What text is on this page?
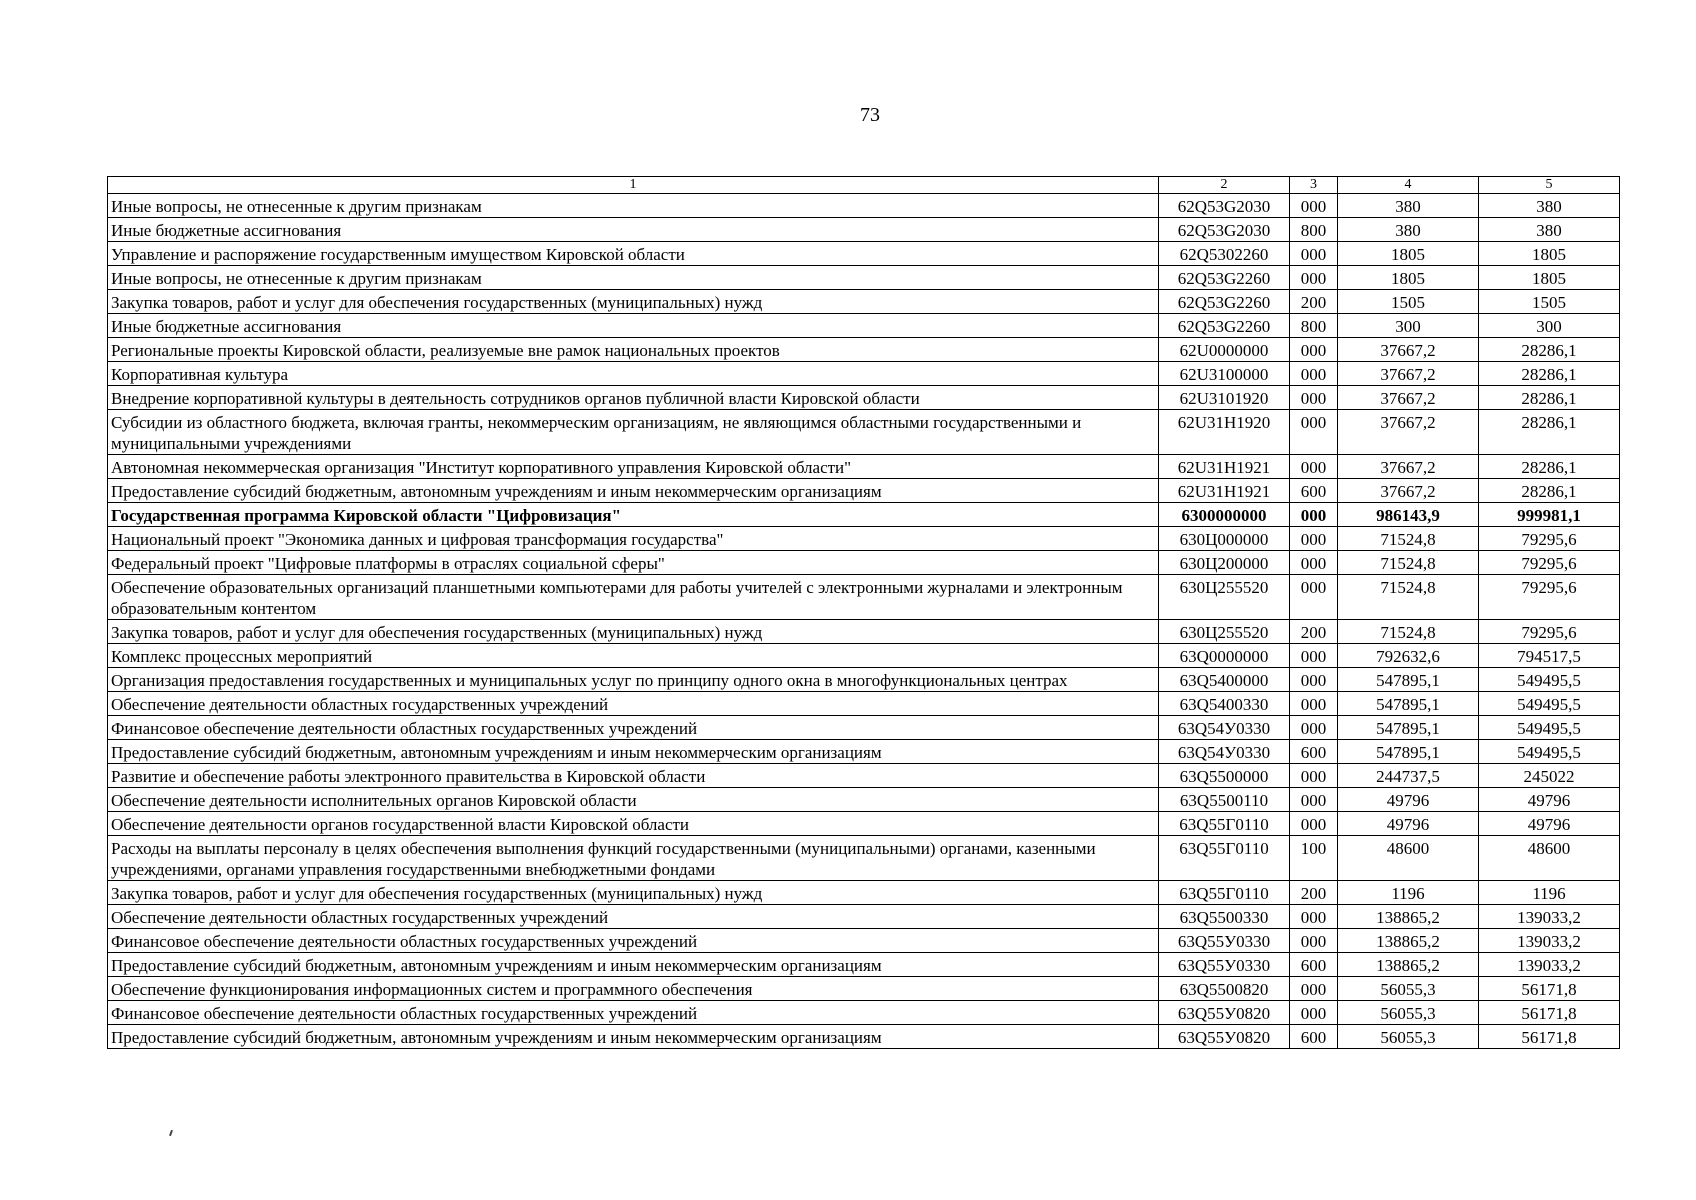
73
1	2	3	4	5
Иные вопросы, не отнесенные к другим признакам	62Q53G2030	000	380	380
Иные бюджетные ассигнования	62Q53G2030	800	380	380
Управление и распоряжение государственным имуществом Кировской области	62Q5302260	000	1805	1805
Иные вопросы, не отнесенные к другим признакам	62Q53G2260	000	1805	1805
Закупка товаров, работ и услуг для обеспечения государственных (муниципальных) нужд	62Q53G2260	200	1505	1505
Иные бюджетные ассигнования	62Q53G2260	800	300	300
Региональные проекты Кировской области, реализуемые вне рамок национальных проектов	62U0000000	000	37667,2	28286,1
Корпоративная культура	62U3100000	000	37667,2	28286,1
Внедрение корпоративной культуры в деятельность сотрудников органов публичной власти Кировской области	62U3101920	000	37667,2	28286,1
Субсидии из областного бюджета, включая гранты, некоммерческим организациям, не являющимся областными государственными и муниципальными учреждениями	62U31H1920	000	37667,2	28286,1
Автономная некоммерческая организация "Институт корпоративного управления Кировской области"	62U31H1921	000	37667,2	28286,1
Предоставление субсидий бюджетным, автономным учреждениям и иным некоммерческим организациям	62U31H1921	600	37667,2	28286,1
Государственная программа Кировской области "Цифровизация"	6300000000	000	986143,9	999981,1
Национальный проект "Экономика данных и цифровая трансформация государства"	630Ц000000	000	71524,8	79295,6
Федеральный проект "Цифровые платформы в отраслях социальной сферы"	630Ц200000	000	71524,8	79295,6
Обеспечение образовательных организаций планшетными компьютерами для работы учителей с электронными журналами и электронным образовательным контентом	630Ц255520	000	71524,8	79295,6
Закупка товаров, работ и услуг для обеспечения государственных (муниципальных) нужд	630Ц255520	200	71524,8	79295,6
Комплекс процессных мероприятий	63Q0000000	000	792632,6	794517,5
Организация предоставления государственных и муниципальных услуг по принципу одного окна в многофункциональных центрах	63Q5400000	000	547895,1	549495,5
Обеспечение деятельности областных государственных учреждений	63Q5400330	000	547895,1	549495,5
Финансовое обеспечение деятельности областных государственных учреждений	63Q54У0330	000	547895,1	549495,5
Предоставление субсидий бюджетным, автономным учреждениям и иным некоммерческим организациям	63Q54У0330	600	547895,1	549495,5
Развитие и обеспечение работы электронного правительства в Кировской области	63Q5500000	000	244737,5	245022
Обеспечение деятельности исполнительных органов Кировской области	63Q5500110	000	49796	49796
Обеспечение деятельности органов государственной власти Кировской области	63Q55Г0110	000	49796	49796
Расходы на выплаты персоналу в целях обеспечения выполнения функций государственными (муниципальными) органами, казенными учреждениями, органами управления государственными внебюджетными фондами	63Q55Г0110	100	48600	48600
Закупка товаров, работ и услуг для обеспечения государственных (муниципальных) нужд	63Q55Г0110	200	1196	1196
Обеспечение деятельности областных государственных учреждений	63Q5500330	000	138865,2	139033,2
Финансовое обеспечение деятельности областных государственных учреждений	63Q55У0330	000	138865,2	139033,2
Предоставление субсидий бюджетным, автономным учреждениям и иным некоммерческим организациям	63Q55У0330	600	138865,2	139033,2
Обеспечение функционирования информационных систем и программного обеспечения	63Q5500820	000	56055,3	56171,8
Финансовое обеспечение деятельности областных государственных учреждений	63Q55У0820	000	56055,3	56171,8
Предоставление субсидий бюджетным, автономным учреждениям и иным некоммерческим организациям	63Q55У0820	600	56055,3	56171,8
